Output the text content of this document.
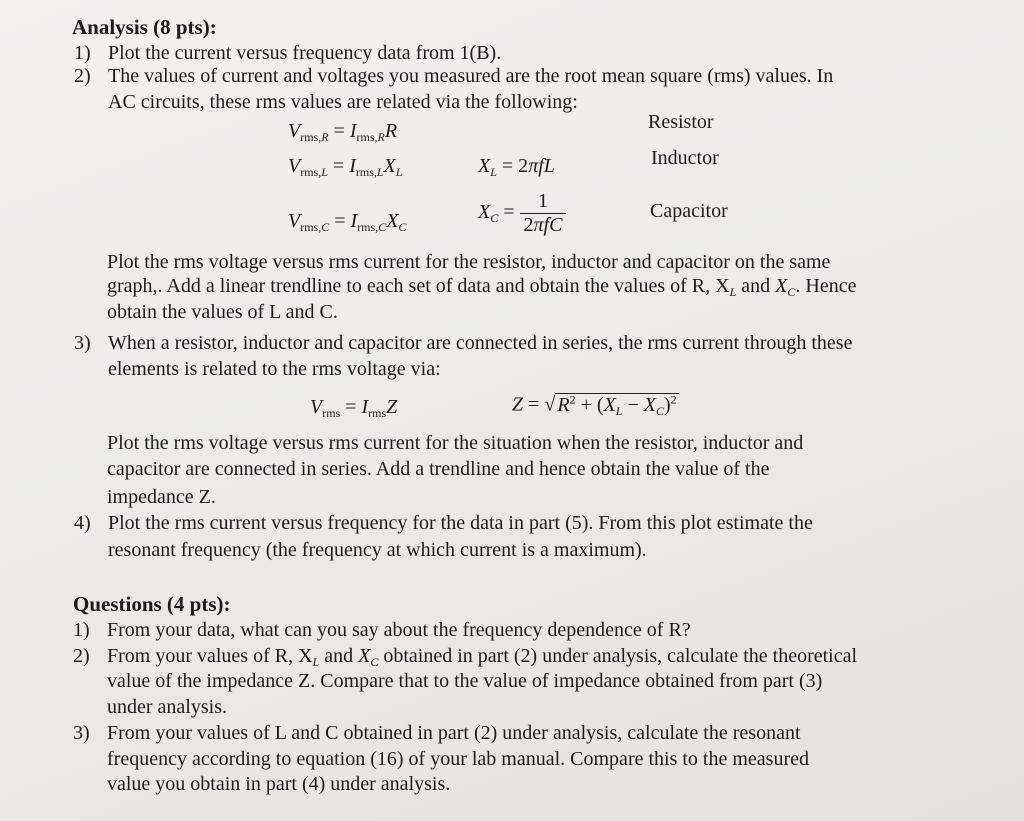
Analysis (8 pts):
1) Plot the current versus frequency data from 1(B).
2) The values of current and voltages you measured are the root mean square (rms) values. In
AC circuits, these rms values are related via the following:
$V_{rms,R} = I_{rms,R}R$	Resistor
$V_{rms,L} = I_{rms,L}X_L$	$X_L = 2\pi fL$	Inductor
$V_{rms,C} = I_{rms,C}X_C$
$X_C = \frac{1}{\text{2πfC}}$	Capacitor
Plot the rms voltage versus rms current for the resistor, inductor and capacitor on the same
graph,. Add a linear trendline to each set of data and obtain the values of R, $X_L$ and $X_C$. Hence
obtain the values of L and C.
3) When a resistor, inductor and capacitor are connected in series, the rms current through these
elements is related to the rms voltage via:
$V_{rms} = I_{rms}Z$	Z = √ $R^2 + (X_L - X_C)^2$
Plot the rms voltage versus rms current for the situation when the resistor, inductor and
capacitor are connected in series. Add a trendline and hence obtain the value of the
impedance Z.
4) Plot the rms current versus frequency for the data in part (5). From this plot estimate the
resonant frequency (the frequency at which current is a maximum).
Questions (4 pts):
1) From your data, what can you say about the frequency dependence of R?
2) From your values of R, $X_L$ and $X_C$ obtained in part (2) under analysis, calculate the theoretical
value of the impedance Z. Compare that to the value of impedance obtained from part (3)
under analysis.
3) From your values of L and C obtained in part (2) under analysis, calculate the resonant
frequency according to equation (16) of your lab manual. Compare this to the measured
value you obtain in part (4) under analysis.
